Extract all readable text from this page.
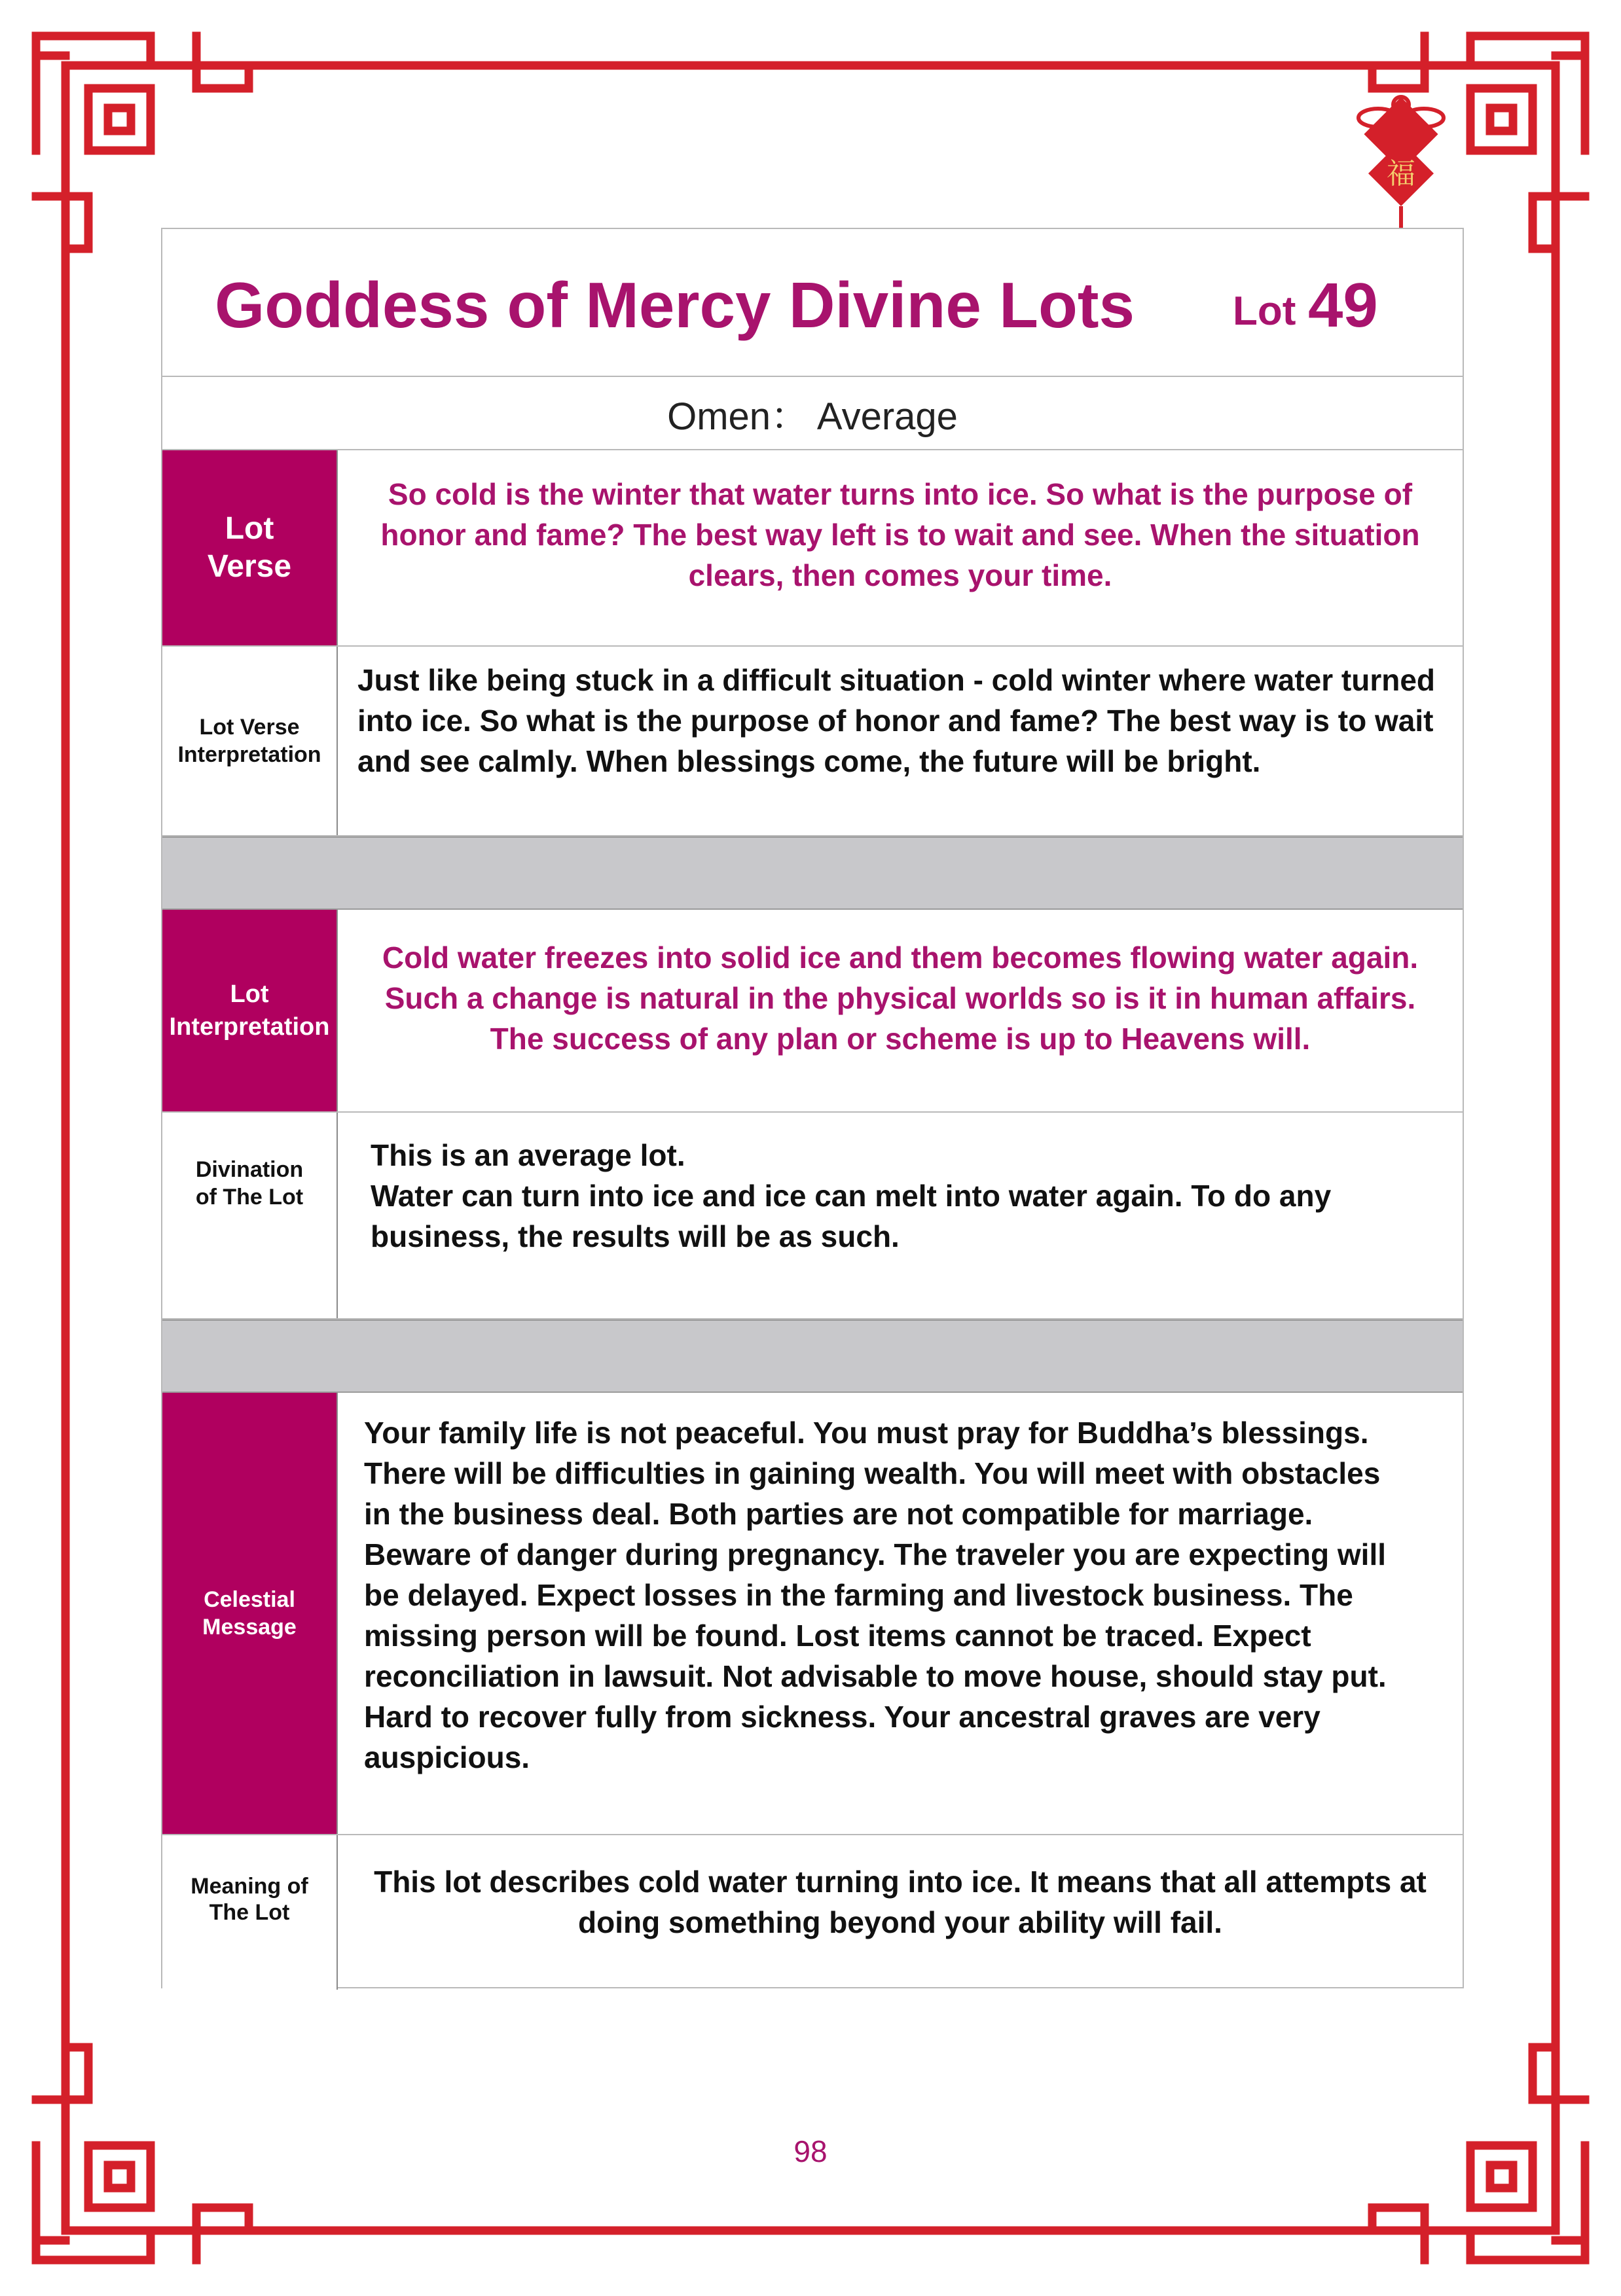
福
Goddess of Mercy Divine Lots Lot 49
Omen： Average
Lot Verse
So cold is the winter that water turns into ice. So what is the purpose of honor and fame? The best way left is to wait and see. When the situation clears, then comes your time.
Lot Verse Interpretation
Just like being stuck in a difficult situation - cold winter where water turned into ice. So what is the purpose of honor and fame? The best way is to wait and see calmly. When blessings come, the future will be bright.
Lot Interpretation
Cold water freezes into solid ice and them becomes flowing water again. Such a change is natural in the physical worlds so is it in human affairs. The success of any plan or scheme is up to Heavens will.
Divination of The Lot
This is an average lot.
Water can turn into ice and ice can melt into water again. To do any business, the results will be as such.
Celestial Message
Your family life is not peaceful. You must pray for Buddha’s blessings. There will be difficulties in gaining wealth. You will meet with obstacles in the business deal. Both parties are not compatible for marriage. Beware of danger during pregnancy. The traveler you are expecting will be delayed. Expect losses in the farming and livestock business. The missing person will be found. Lost items cannot be traced. Expect reconciliation in lawsuit. Not advisable to move house, should stay put. Hard to recover fully from sickness. Your ancestral graves are very auspicious.
Meaning of The Lot
This lot describes cold water turning into ice. It means that all attempts at doing something beyond your ability will fail.
98
